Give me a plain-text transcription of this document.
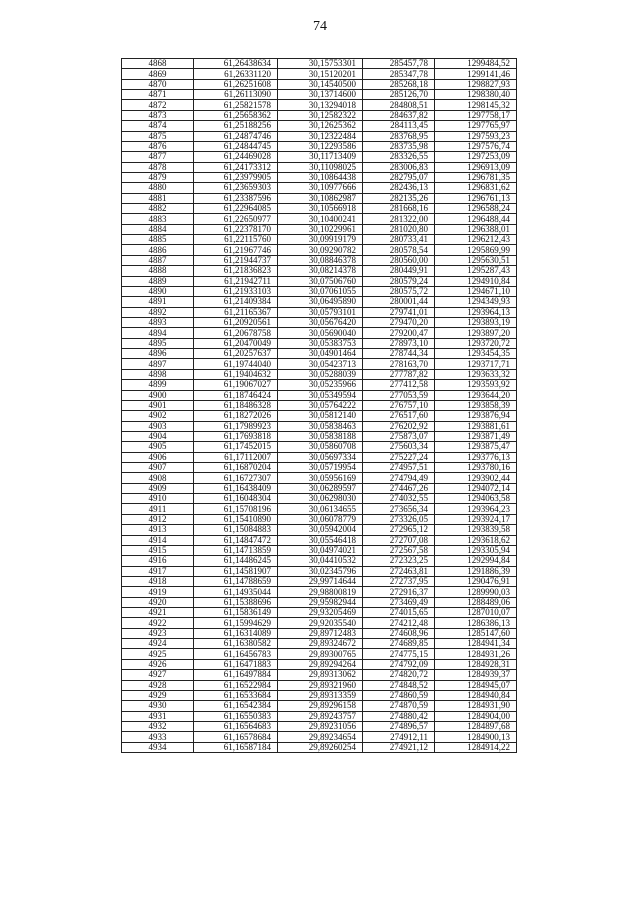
74
4868	61,26438634	30,15753301	285457,78	1299484,52
4869	61,26331120	30,15120201	285347,78	1299141,46
4870	61,26251608	30,14540500	285268,18	1298827,93
4871	61,26113090	30,13714600	285126,70	1298380,40
4872	61,25821578	30,13294018	284808,51	1298145,32
4873	61,25658362	30,12582322	284637,82	1297758,17
4874	61,25188256	30,12625362	284113,45	1297765,97
4875	61,24874746	30,12322484	283768,95	1297593,23
4876	61,24844745	30,12293586	283735,98	1297576,74
4877	61,24469028	30,11713409	283326,55	1297253,09
4878	61,24173312	30,11098025	283006,83	1296913,09
4879	61,23979905	30,10864438	282795,07	1296781,35
4880	61,23659303	30,10977666	282436,13	1296831,62
4881	61,23387596	30,10862987	282135,26	1296761,13
4882	61,22964085	30,10566918	281668,16	1296588,24
4883	61,22650977	30,10400241	281322,00	1296488,44
4884	61,22378170	30,10229961	281020,80	1296388,01
4885	61,22115760	30,09919179	280733,41	1296212,43
4886	61,21967746	30,09290782	280578,54	1295869,99
4887	61,21944737	30,08846378	280560,00	1295630,51
4888	61,21836823	30,08214378	280449,91	1295287,43
4889	61,21942711	30,07506760	280579,24	1294910,84
4890	61,21933103	30,07061055	280575,72	1294671,10
4891	61,21409384	30,06495890	280001,44	1294349,93
4892	61,21165367	30,05793101	279741,01	1293964,13
4893	61,20920561	30,05676420	279470,20	1293893,19
4894	61,20678758	30,05690040	279200,47	1293897,20
4895	61,20470049	30,05383753	278973,10	1293720,72
4896	61,20257637	30,04901464	278744,34	1293454,35
4897	61,19744040	30,05423713	278163,70	1293717,71
4898	61,19404632	30,05288039	277787,82	1293633,32
4899	61,19067027	30,05235966	277412,58	1293593,92
4900	61,18746424	30,05349594	277053,59	1293644,20
4901	61,18486328	30,05764222	276757,10	1293858,39
4902	61,18272026	30,05812140	276517,60	1293876,94
4903	61,17989923	30,05838463	276202,92	1293881,61
4904	61,17693818	30,05838188	275873,07	1293871,49
4905	61,17452015	30,05860708	275603,34	1293875,47
4906	61,17112007	30,05697334	275227,24	1293776,13
4907	61,16870204	30,05719954	274957,51	1293780,16
4908	61,16727307	30,05956169	274794,49	1293902,44
4909	61,16438409	30,06289597	274467,26	1294072,14
4910	61,16048304	30,06298030	274032,55	1294063,58
4911	61,15708196	30,06134655	273656,34	1293964,23
4912	61,15410890	30,06078779	273326,05	1293924,17
4913	61,15084883	30,05942004	272965,12	1293839,58
4914	61,14847472	30,05546418	272707,08	1293618,62
4915	61,14713859	30,04974021	272567,58	1293305,94
4916	61,14486245	30,04410532	272323,25	1292994,84
4917	61,14581907	30,02345796	272463,81	1291886,39
4918	61,14788659	29,99714644	272737,95	1290476,91
4919	61,14935044	29,98800819	272916,37	1289990,03
4920	61,15388696	29,95982944	273469,49	1288489,06
4921	61,15836149	29,93205469	274015,65	1287010,07
4922	61,15994629	29,92035540	274212,48	1286386,13
4923	61,16314089	29,89712483	274608,96	1285147,60
4924	61,16380582	29,89324672	274689,85	1284941,34
4925	61,16456783	29,89300765	274775,15	1284931,26
4926	61,16471883	29,89294264	274792,09	1284928,31
4927	61,16497884	29,89313062	274820,72	1284939,37
4928	61,16522984	29,89321960	274848,52	1284945,07
4929	61,16533684	29,89313359	274860,59	1284940,84
4930	61,16542384	29,89296158	274870,59	1284931,90
4931	61,16550383	29,89243757	274880,42	1284904,00
4932	61,16564683	29,89231056	274896,57	1284897,68
4933	61,16578684	29,89234654	274912,11	1284900,13
4934	61,16587184	29,89260254	274921,12	1284914,22
